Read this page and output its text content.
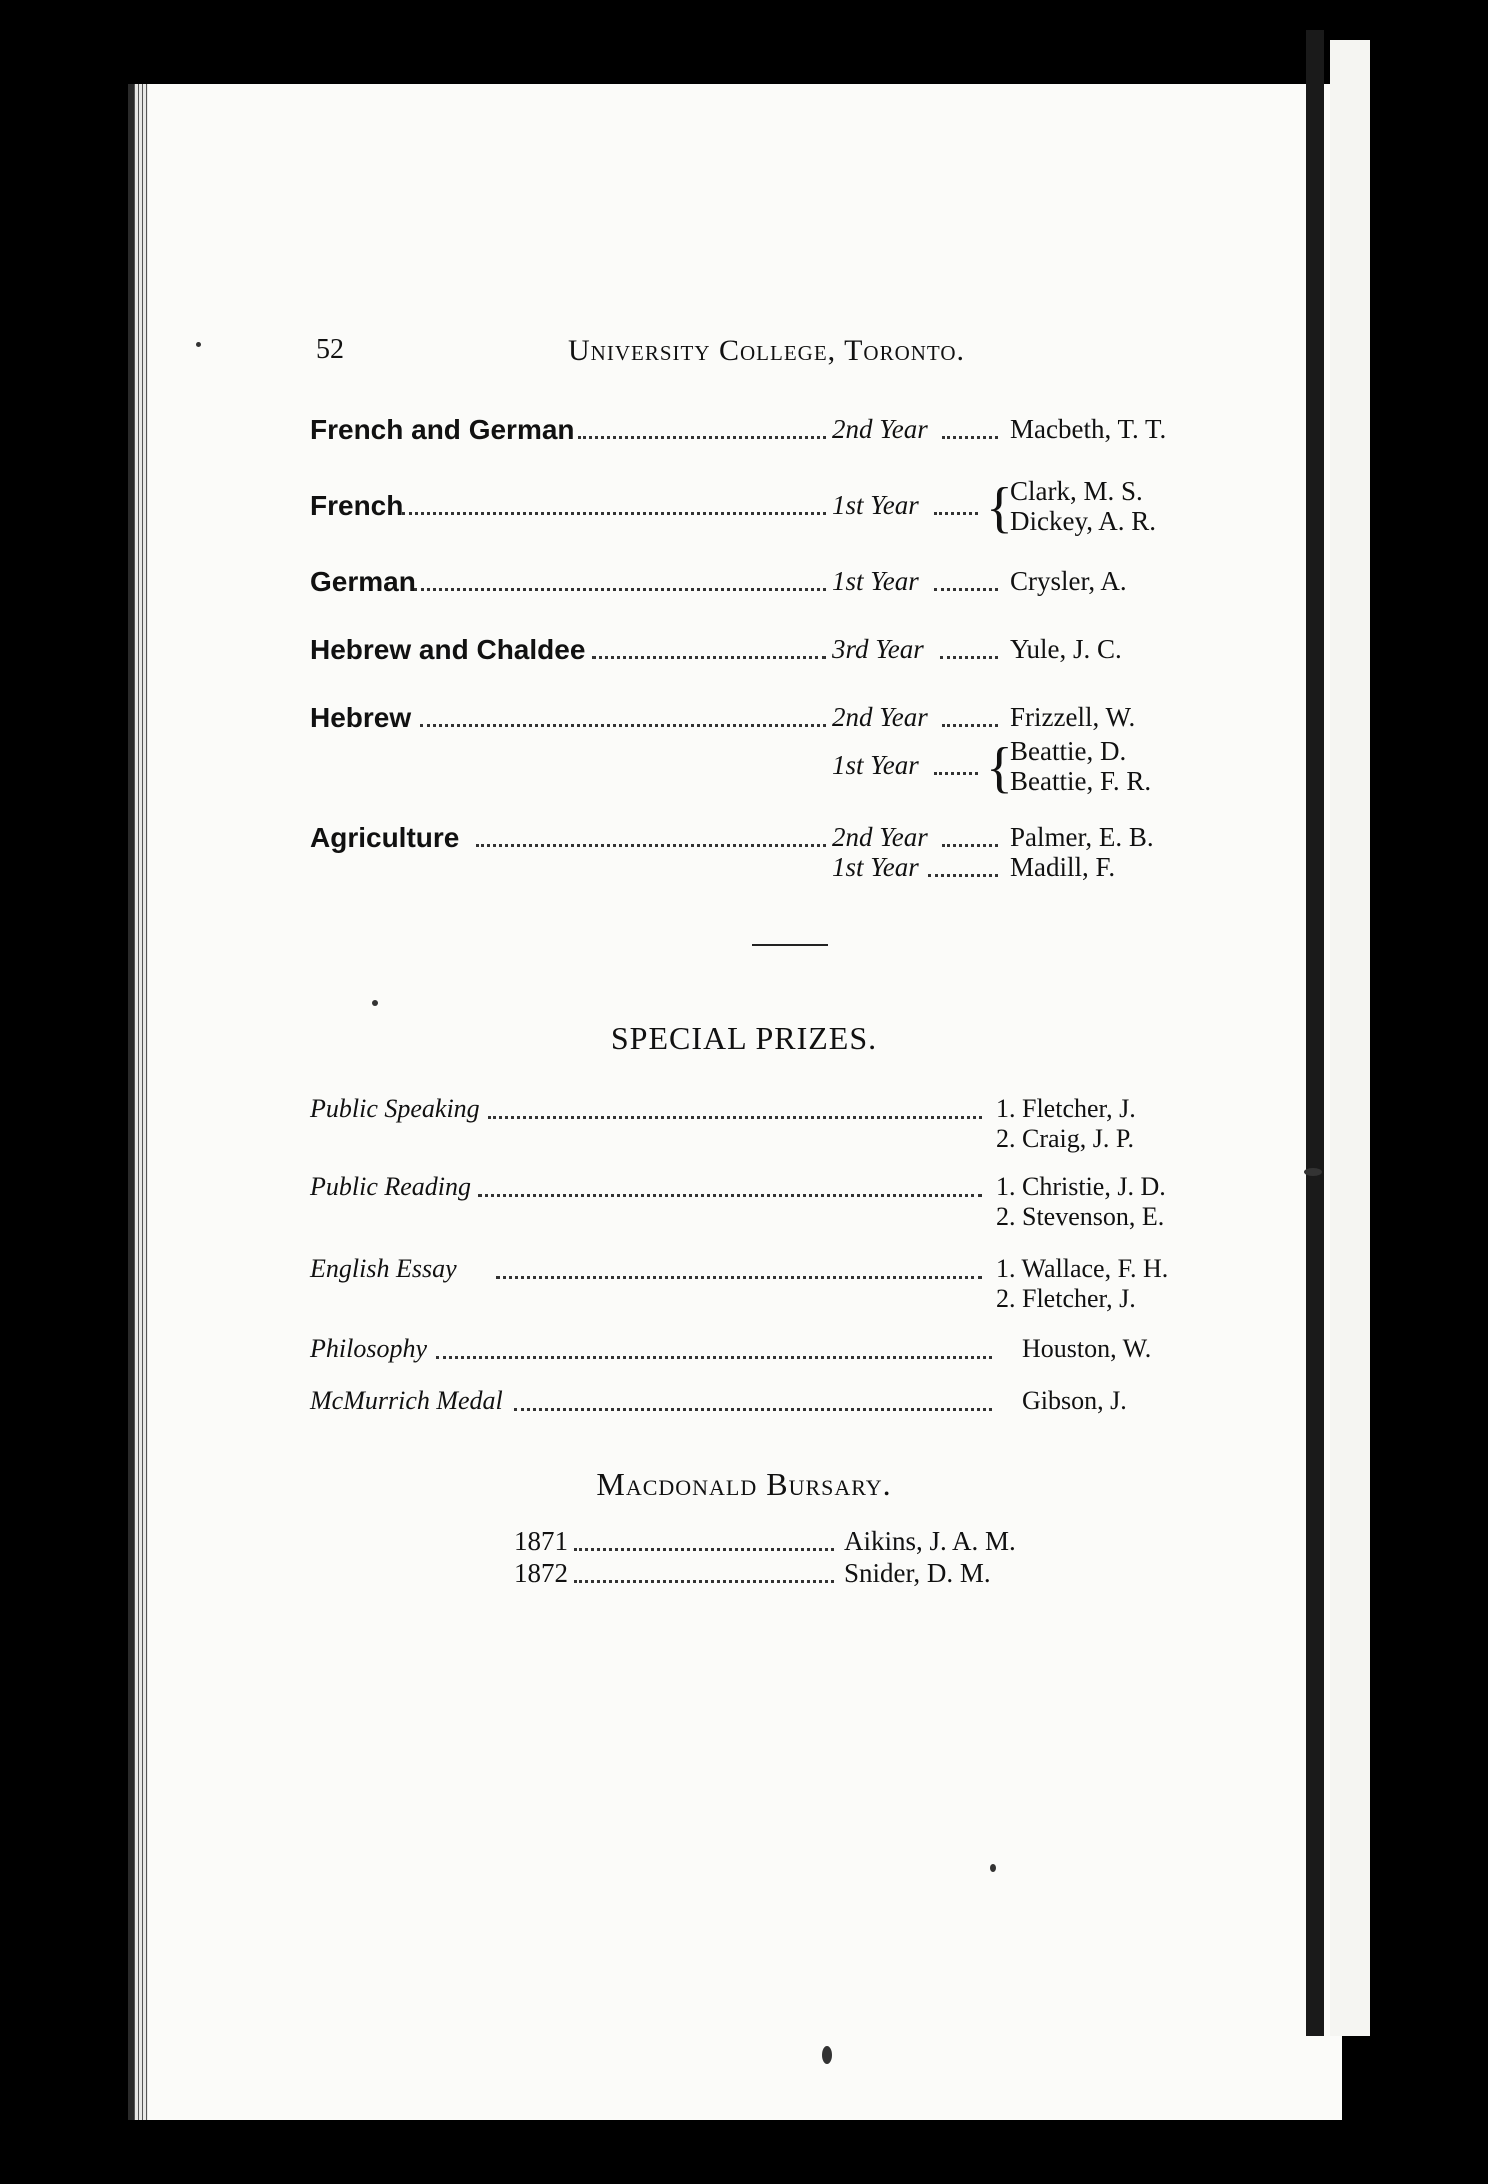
52	University College, Toronto.
French and German	2nd Year	Macbeth, T. T.
French	1st Year {
Clark, M. S.
Dickey, A. R.
German	1st Year	Crysler, A.
Hebrew and Chaldee	3rd Year	Yule, J. C.
Hebrew	2nd Year	Frizzell, W.
1st Year {
Beattie, D.
Beattie, F. R.
Agriculture	2nd Year	Palmer, E. B.
1st Year	Madill, F.
SPECIAL PRIZES.
Public Speaking	1. Fletcher, J.
2. Craig, J. P.
Public Reading	1. Christie, J. D.
2. Stevenson, E.
English Essay	1. Wallace, F. H.
2. Fletcher, J.
Philosophy	Houston, W.
McMurrich Medal	Gibson, J.
Macdonald Bursary.
1871	Aikins, J. A. M.
1872	Snider, D. M.
